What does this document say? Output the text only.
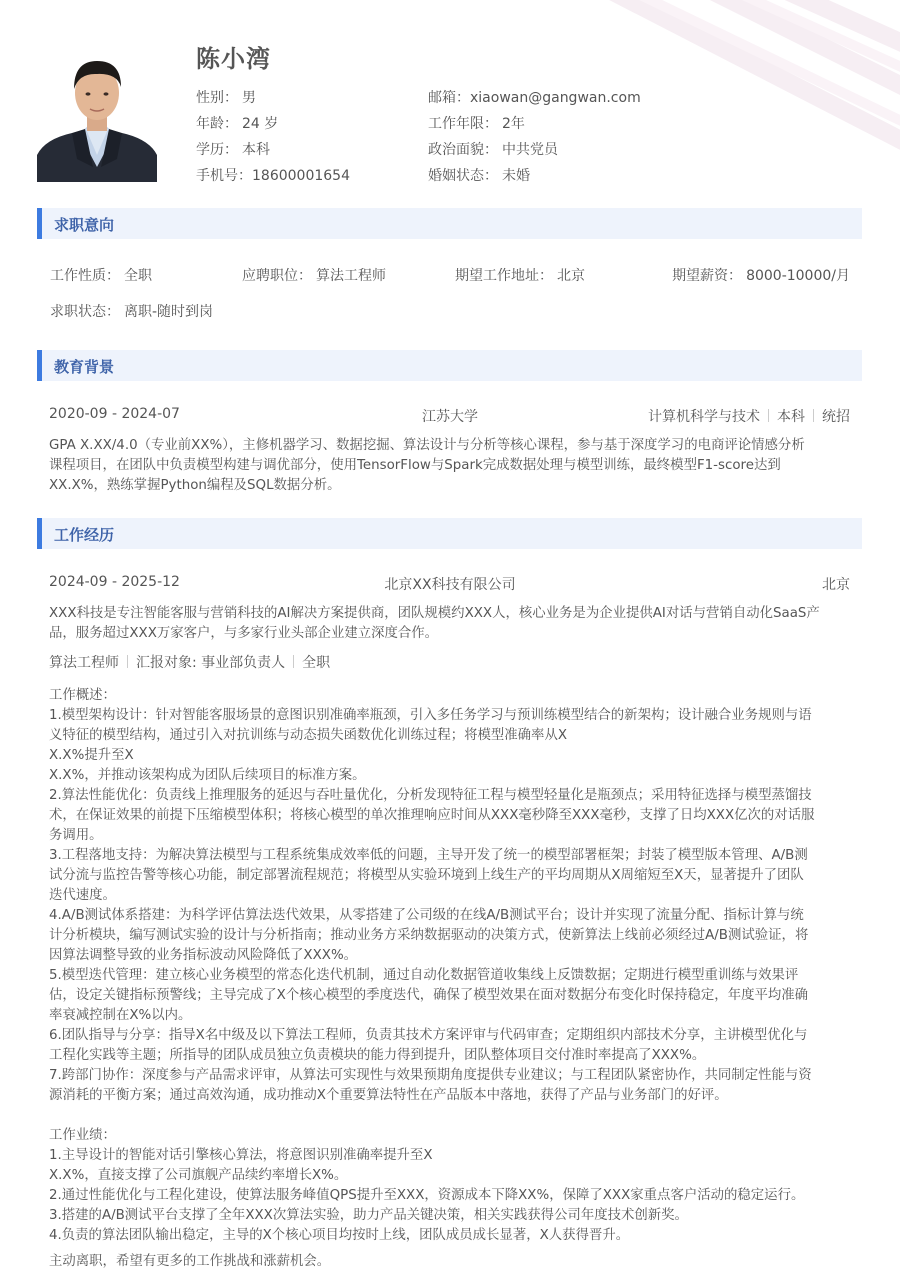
陈小湾
性别： 男	邮箱：xiaowan@gangwan.com
年龄： 24 岁	工作年限： 2年
学历： 本科	政治面貌： 中共党员
手机号：18600001654	婚姻状态： 未婚
求职意向
工作性质： 全职	应聘职位： 算法工程师	期望工作地址： 北京	期望薪资： 8000-10000/月
求职状态： 离职-随时到岗
教育背景
2020-09 - 2024-07	江苏大学	计算机科学与技术 本科 统招
GPA X.XX/4.0（专业前XX%），主修机器学习、数据挖掘、算法设计与分析等核心课程，参与基于深度学习的电商评论情感分析
课程项目，在团队中负责模型构建与调优部分，使用TensorFlow与Spark完成数据处理与模型训练，最终模型F1-score达到
XX.X%，熟练掌握Python编程及SQL数据分析。
工作经历
2024-09 - 2025-12	北京XX科技有限公司	北京
XXX科技是专注智能客服与营销科技的AI解决方案提供商，团队规模约XXX人，核心业务是为企业提供AI对话与营销自动化SaaS产
品，服务超过XXX万家客户，与多家行业头部企业建立深度合作。
算法工程师 汇报对象: 事业部负责人 全职
工作概述：
1.模型架构设计：针对智能客服场景的意图识别准确率瓶颈，引入多任务学习与预训练模型结合的新架构；设计融合业务规则与语
义特征的模型结构，通过引入对抗训练与动态损失函数优化训练过程；将模型准确率从X
X.X%提升至X
X.X%，并推动该架构成为团队后续项目的标准方案。
2.算法性能优化：负责线上推理服务的延迟与吞吐量优化，分析发现特征工程与模型轻量化是瓶颈点；采用特征选择与模型蒸馏技
术，在保证效果的前提下压缩模型体积；将核心模型的单次推理响应时间从XXX毫秒降至XXX毫秒，支撑了日均XXX亿次的对话服
务调用。
3.工程落地支持：为解决算法模型与工程系统集成效率低的问题，主导开发了统一的模型部署框架；封装了模型版本管理、A/B测
试分流与监控告警等核心功能，制定部署流程规范；将模型从实验环境到上线生产的平均周期从X周缩短至X天，显著提升了团队
迭代速度。
4.A/B测试体系搭建：为科学评估算法迭代效果，从零搭建了公司级的在线A/B测试平台；设计并实现了流量分配、指标计算与统
计分析模块，编写测试实验的设计与分析指南；推动业务方采纳数据驱动的决策方式，使新算法上线前必须经过A/B测试验证，将
因算法调整导致的业务指标波动风险降低了XXX%。
5.模型迭代管理：建立核心业务模型的常态化迭代机制，通过自动化数据管道收集线上反馈数据；定期进行模型重训练与效果评
估，设定关键指标预警线；主导完成了X个核心模型的季度迭代，确保了模型效果在面对数据分布变化时保持稳定，年度平均准确
率衰减控制在X%以内。
6.团队指导与分享：指导X名中级及以下算法工程师，负责其技术方案评审与代码审查；定期组织内部技术分享，主讲模型优化与
工程化实践等主题；所指导的团队成员独立负责模块的能力得到提升，团队整体项目交付准时率提高了XXX%。
7.跨部门协作：深度参与产品需求评审，从算法可实现性与效果预期角度提供专业建议；与工程团队紧密协作，共同制定性能与资
源消耗的平衡方案；通过高效沟通，成功推动X个重要算法特性在产品版本中落地，获得了产品与业务部门的好评。
工作业绩：
1.主导设计的智能对话引擎核心算法，将意图识别准确率提升至X
X.X%，直接支撑了公司旗舰产品续约率增长X%。
2.通过性能优化与工程化建设，使算法服务峰值QPS提升至XXX，资源成本下降XX%，保障了XXX家重点客户活动的稳定运行。
3.搭建的A/B测试平台支撑了全年XXX次算法实验，助力产品关键决策，相关实践获得公司年度技术创新奖。
4.负责的算法团队输出稳定，主导的X个核心项目均按时上线，团队成员成长显著，X人获得晋升。
主动离职，希望有更多的工作挑战和涨薪机会。
